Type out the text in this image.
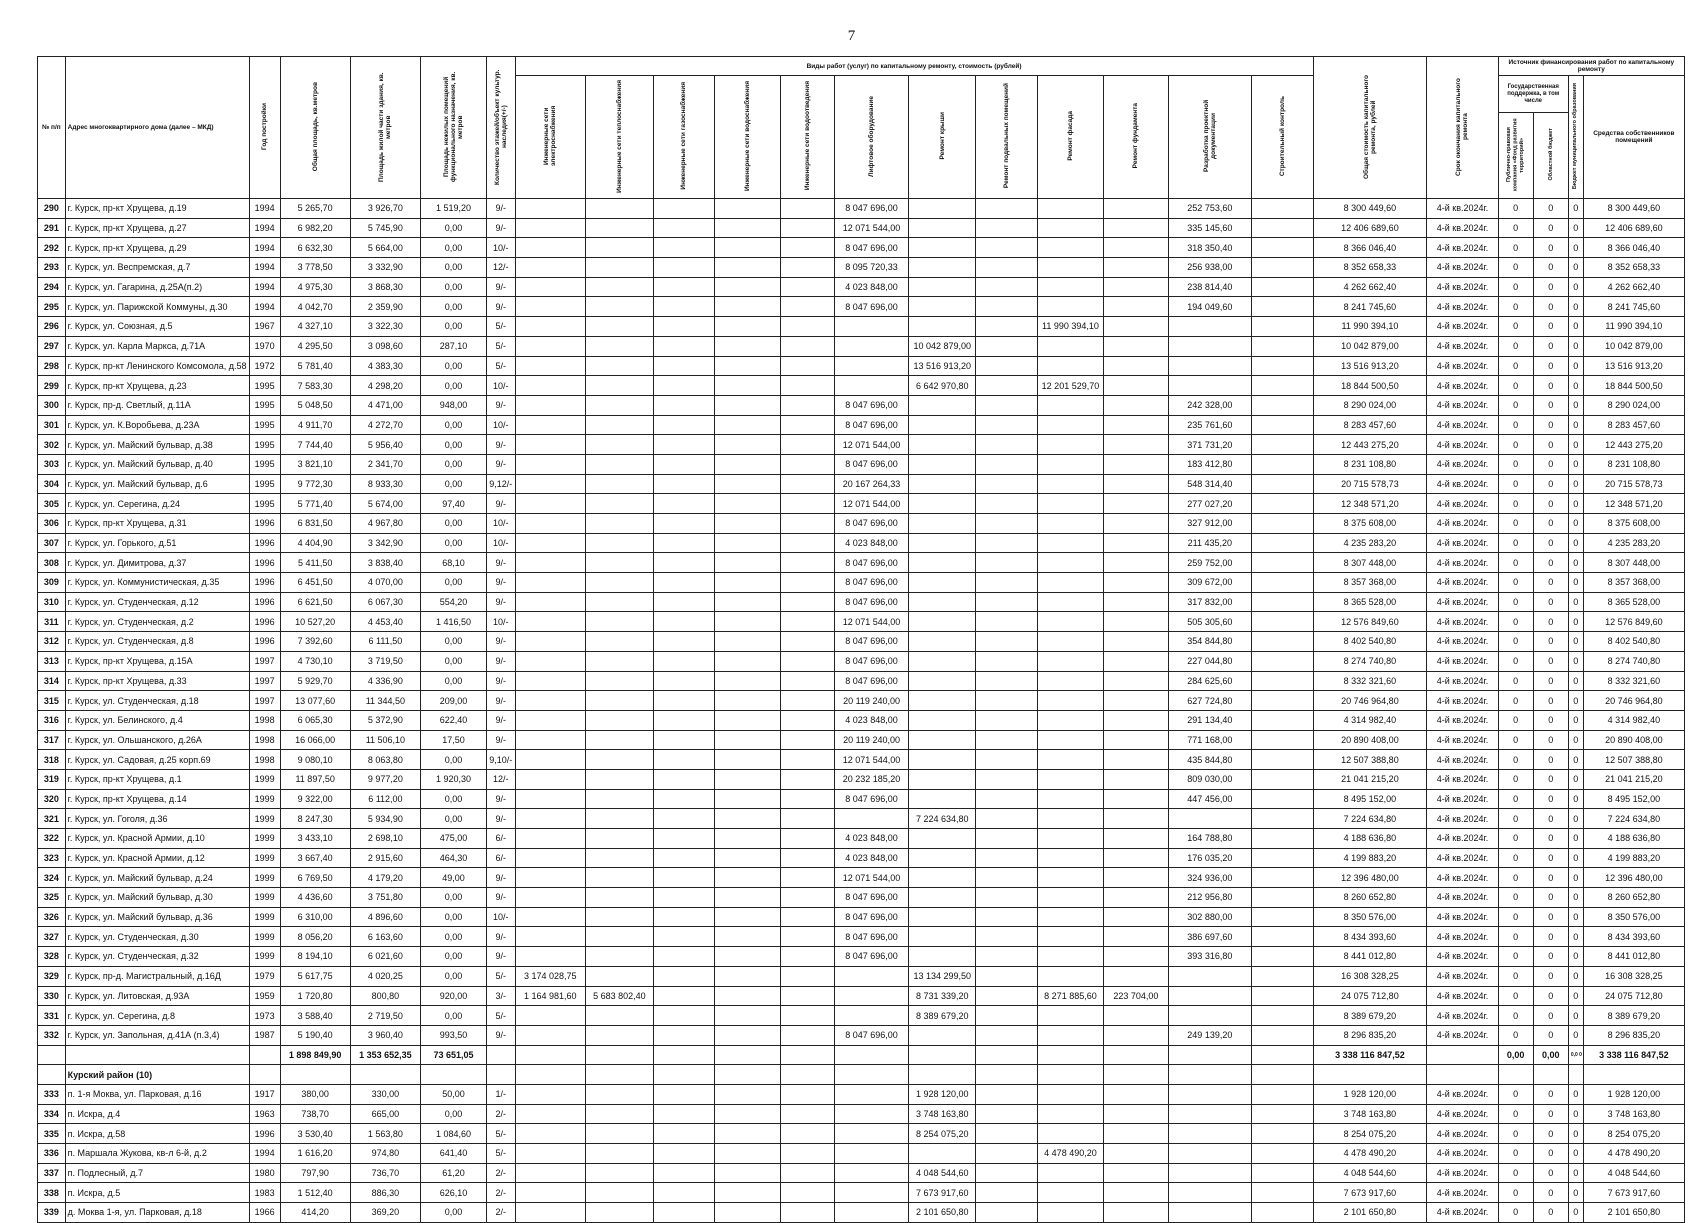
7
№ п/п	Адрес многоквартирного дома (далее – МКД)	Год постройки	Общая площадь, кв.метров	Площадь жилой части здания, кв. метров	Площадь нежилых помещений функционального назначения, кв. метров	Количество этажей/объект культур. наследия(+/-)	Виды работ (услуг) по капитальному ремонту, стоимость (рублей)												Общая стоимость капитального ремонта, рублей	Срок окончания капитального ремонта	Источник финансирования работ по капитальному ремонту			
							Инженерные сети электроснабжения	Инженерные сети теплоснабжения	Инженерные сети газоснабжения	Инженерные сети водоснабжения	Инженерные сети водоотведения	Лифтовое оборудование	Ремонт крыши	Ремонт подвальных помещений	Ремонт фасада	Ремонт фундамента	Разработка проектной документации	Строительный контроль			Государственная поддержка, в том числе		Бюджет муниципального образования	Средства собственников помещений
																					Публично-правовая компания «Фонд развития территорий»	Областной бюджет		
290	г. Курск, пр-кт Хрущева, д.19	1994	5 265,70	3 926,70	1 519,20	9/-						8 047 696,00					252 753,60		8 300 449,60	4-й кв.2024г.	0	0	0	8 300 449,60
291	г. Курск, пр-кт Хрущева, д.27	1994	6 982,20	5 745,90	0,00	9/-						12 071 544,00					335 145,60		12 406 689,60	4-й кв.2024г.	0	0	0	12 406 689,60
292	г. Курск, пр-кт Хрущева, д.29	1994	6 632,30	5 664,00	0,00	10/-						8 047 696,00					318 350,40		8 366 046,40	4-й кв.2024г.	0	0	0	8 366 046,40
293	г. Курск, ул. Веспремская, д.7	1994	3 778,50	3 332,90	0,00	12/-						8 095 720,33					256 938,00		8 352 658,33	4-й кв.2024г.	0	0	0	8 352 658,33
294	г. Курск, ул. Гагарина, д.25А(п.2)	1994	4 975,30	3 868,30	0,00	9/-						4 023 848,00					238 814,40		4 262 662,40	4-й кв.2024г.	0	0	0	4 262 662,40
295	г. Курск, ул. Парижской Коммуны, д.30	1994	4 042,70	2 359,90	0,00	9/-						8 047 696,00					194 049,60		8 241 745,60	4-й кв.2024г.	0	0	0	8 241 745,60
296	г. Курск, ул. Союзная, д.5	1967	4 327,10	3 322,30	0,00	5/-									11 990 394,10				11 990 394,10	4-й кв.2024г.	0	0	0	11 990 394,10
297	г. Курск, ул. Карла Маркса, д.71А	1970	4 295,50	3 098,60	287,10	5/-							10 042 879,00						10 042 879,00	4-й кв.2024г.	0	0	0	10 042 879,00
298	г. Курск, пр-кт Ленинского Комсомола, д.58	1972	5 781,40	4 383,30	0,00	5/-							13 516 913,20						13 516 913,20	4-й кв.2024г.	0	0	0	13 516 913,20
299	г. Курск, пр-кт Хрущева, д.23	1995	7 583,30	4 298,20	0,00	10/-							6 642 970,80		12 201 529,70				18 844 500,50	4-й кв.2024г.	0	0	0	18 844 500,50
300	г. Курск, пр-д. Светлый, д.11А	1995	5 048,50	4 471,00	948,00	9/-						8 047 696,00					242 328,00		8 290 024,00	4-й кв.2024г.	0	0	0	8 290 024,00
301	г. Курск, ул. К.Воробьева, д.23А	1995	4 911,70	4 272,70	0,00	10/-						8 047 696,00					235 761,60		8 283 457,60	4-й кв.2024г.	0	0	0	8 283 457,60
302	г. Курск, ул. Майский бульвар, д.38	1995	7 744,40	5 956,40	0,00	9/-						12 071 544,00					371 731,20		12 443 275,20	4-й кв.2024г.	0	0	0	12 443 275,20
303	г. Курск, ул. Майский бульвар, д.40	1995	3 821,10	2 341,70	0,00	9/-						8 047 696,00					183 412,80		8 231 108,80	4-й кв.2024г.	0	0	0	8 231 108,80
304	г. Курск, ул. Майский бульвар, д.6	1995	9 772,30	8 933,30	0,00	9,12/-						20 167 264,33					548 314,40		20 715 578,73	4-й кв.2024г.	0	0	0	20 715 578,73
305	г. Курск, ул. Серегина, д.24	1995	5 771,40	5 674,00	97,40	9/-						12 071 544,00					277 027,20		12 348 571,20	4-й кв.2024г.	0	0	0	12 348 571,20
306	г. Курск, пр-кт Хрущева, д.31	1996	6 831,50	4 967,80	0,00	10/-						8 047 696,00					327 912,00		8 375 608,00	4-й кв.2024г.	0	0	0	8 375 608,00
307	г. Курск, ул. Горького, д.51	1996	4 404,90	3 342,90	0,00	10/-						4 023 848,00					211 435,20		4 235 283,20	4-й кв.2024г.	0	0	0	4 235 283,20
308	г. Курск, ул. Димитрова, д.37	1996	5 411,50	3 838,40	68,10	9/-						8 047 696,00					259 752,00		8 307 448,00	4-й кв.2024г.	0	0	0	8 307 448,00
309	г. Курск, ул. Коммунистическая, д.35	1996	6 451,50	4 070,00	0,00	9/-						8 047 696,00					309 672,00		8 357 368,00	4-й кв.2024г.	0	0	0	8 357 368,00
310	г. Курск, ул. Студенческая, д.12	1996	6 621,50	6 067,30	554,20	9/-						8 047 696,00					317 832,00		8 365 528,00	4-й кв.2024г.	0	0	0	8 365 528,00
311	г. Курск, ул. Студенческая, д.2	1996	10 527,20	4 453,40	1 416,50	10/-						12 071 544,00					505 305,60		12 576 849,60	4-й кв.2024г.	0	0	0	12 576 849,60
312	г. Курск, ул. Студенческая, д.8	1996	7 392,60	6 111,50	0,00	9/-						8 047 696,00					354 844,80		8 402 540,80	4-й кв.2024г.	0	0	0	8 402 540,80
313	г. Курск, пр-кт Хрущева, д.15А	1997	4 730,10	3 719,50	0,00	9/-						8 047 696,00					227 044,80		8 274 740,80	4-й кв.2024г.	0	0	0	8 274 740,80
314	г. Курск, пр-кт Хрущева, д.33	1997	5 929,70	4 336,90	0,00	9/-						8 047 696,00					284 625,60		8 332 321,60	4-й кв.2024г.	0	0	0	8 332 321,60
315	г. Курск, ул. Студенческая, д.18	1997	13 077,60	11 344,50	209,00	9/-						20 119 240,00					627 724,80		20 746 964,80	4-й кв.2024г.	0	0	0	20 746 964,80
316	г. Курск, ул. Белинского, д.4	1998	6 065,30	5 372,90	622,40	9/-						4 023 848,00					291 134,40		4 314 982,40	4-й кв.2024г.	0	0	0	4 314 982,40
317	г. Курск, ул. Ольшанского, д.26А	1998	16 066,00	11 506,10	17,50	9/-						20 119 240,00					771 168,00		20 890 408,00	4-й кв.2024г.	0	0	0	20 890 408,00
318	г. Курск, ул. Садовая, д.25 корп.69	1998	9 080,10	8 063,80	0,00	9,10/-						12 071 544,00					435 844,80		12 507 388,80	4-й кв.2024г.	0	0	0	12 507 388,80
319	г. Курск, пр-кт Хрущева, д.1	1999	11 897,50	9 977,20	1 920,30	12/-						20 232 185,20					809 030,00		21 041 215,20	4-й кв.2024г.	0	0	0	21 041 215,20
320	г. Курск, пр-кт Хрущева, д.14	1999	9 322,00	6 112,00	0,00	9/-						8 047 696,00					447 456,00		8 495 152,00	4-й кв.2024г.	0	0	0	8 495 152,00
321	г. Курск, ул. Гоголя, д.36	1999	8 247,30	5 934,90	0,00	9/-							7 224 634,80						7 224 634,80	4-й кв.2024г.	0	0	0	7 224 634,80
322	г. Курск, ул. Красной Армии, д.10	1999	3 433,10	2 698,10	475,00	6/-						4 023 848,00					164 788,80		4 188 636,80	4-й кв.2024г.	0	0	0	4 188 636,80
323	г. Курск, ул. Красной Армии, д.12	1999	3 667,40	2 915,60	464,30	6/-						4 023 848,00					176 035,20		4 199 883,20	4-й кв.2024г.	0	0	0	4 199 883,20
324	г. Курск, ул. Майский бульвар, д.24	1999	6 769,50	4 179,20	49,00	9/-						12 071 544,00					324 936,00		12 396 480,00	4-й кв.2024г.	0	0	0	12 396 480,00
325	г. Курск, ул. Майский бульвар, д.30	1999	4 436,60	3 751,80	0,00	9/-						8 047 696,00					212 956,80		8 260 652,80	4-й кв.2024г.	0	0	0	8 260 652,80
326	г. Курск, ул. Майский бульвар, д.36	1999	6 310,00	4 896,60	0,00	10/-						8 047 696,00					302 880,00		8 350 576,00	4-й кв.2024г.	0	0	0	8 350 576,00
327	г. Курск, ул. Студенческая, д.30	1999	8 056,20	6 163,60	0,00	9/-						8 047 696,00					386 697,60		8 434 393,60	4-й кв.2024г.	0	0	0	8 434 393,60
328	г. Курск, ул. Студенческая, д.32	1999	8 194,10	6 021,60	0,00	9/-						8 047 696,00					393 316,80		8 441 012,80	4-й кв.2024г.	0	0	0	8 441 012,80
329	г. Курск, пр-д. Магистральный, д.16Д	1979	5 617,75	4 020,25	0,00	5/-	3 174 028,75						13 134 299,50						16 308 328,25	4-й кв.2024г.	0	0	0	16 308 328,25
330	г. Курск, ул. Литовская, д.93А	1959	1 720,80	800,80	920,00	3/-	1 164 981,60	5 683 802,40					8 731 339,20		8 271 885,60	223 704,00			24 075 712,80	4-й кв.2024г.	0	0	0	24 075 712,80
331	г. Курск, ул. Серегина, д.8	1973	3 588,40	2 719,50	0,00	5/-							8 389 679,20						8 389 679,20	4-й кв.2024г.	0	0	0	8 389 679,20
332	г. Курск, ул. Запольная, д.41А (п.3,4)	1987	5 190,40	3 960,40	993,50	9/-						8 047 696,00					249 139,20		8 296 835,20	4-й кв.2024г.	0	0	0	8 296 835,20
			1 898 849,90	1 353 652,35	73 651,05														3 338 116 847,52		0,00	0,00	0,0 0	3 338 116 847,52
	Курский район (10)																							
333	п. 1-я Моква, ул. Парковая, д.16	1917	380,00	330,00	50,00	1/-							1 928 120,00						1 928 120,00	4-й кв.2024г.	0	0	0	1 928 120,00
334	п. Искра, д.4	1963	738,70	665,00	0,00	2/-							3 748 163,80						3 748 163,80	4-й кв.2024г.	0	0	0	3 748 163,80
335	п. Искра, д.58	1996	3 530,40	1 563,80	1 084,60	5/-							8 254 075,20						8 254 075,20	4-й кв.2024г.	0	0	0	8 254 075,20
336	п. Маршала Жукова, кв-л 6-й, д.2	1994	1 616,20	974,80	641,40	5/-									4 478 490,20				4 478 490,20	4-й кв.2024г.	0	0	0	4 478 490,20
337	п. Подлесный, д.7	1980	797,90	736,70	61,20	2/-							4 048 544,60						4 048 544,60	4-й кв.2024г.	0	0	0	4 048 544,60
338	п. Искра, д.5	1983	1 512,40	886,30	626,10	2/-							7 673 917,60						7 673 917,60	4-й кв.2024г.	0	0	0	7 673 917,60
339	д. Моква 1-я, ул. Парковая, д.18	1966	414,20	369,20	0,00	2/-							2 101 650,80						2 101 650,80	4-й кв.2024г.	0	0	0	2 101 650,80
